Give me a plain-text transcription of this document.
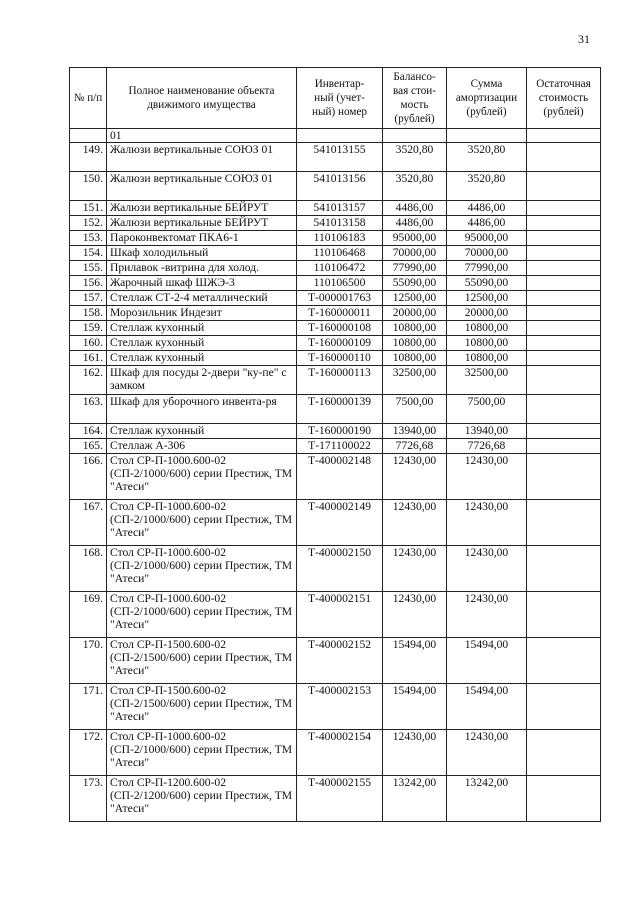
31
№ п/п	Полное наименование объекта движимого имущества	Инвентар-
ный (учет-
ный) номер	Балансо-
вая стои-
мость
(рублей)	Сумма
амортизации
(рублей)	Остаточная
стоимость
(рублей)
	01				
149.	Жалюзи вертикальные СОЮЗ 01	541013155	3520,80	3520,80	
150.	Жалюзи вертикальные СОЮЗ 01	541013156	3520,80	3520,80	
151.	Жалюзи вертикальные БЕЙРУТ	541013157	4486,00	4486,00	
152.	Жалюзи вертикальные БЕЙРУТ	541013158	4486,00	4486,00	
153.	Пароконвектомат ПКА6-1	110106183	95000,00	95000,00	
154.	Шкаф холодильный	110106468	70000,00	70000,00	
155.	Прилавок -витрина для холод.	110106472	77990,00	77990,00	
156.	Жарочный шкаф ШЖЭ-3	110106500	55090,00	55090,00	
157.	Стеллаж СТ-2-4 металлический	Т-000001763	12500,00	12500,00	
158.	Морозильник Индезит	Т-160000011	20000,00	20000,00	
159.	Стеллаж кухонный	Т-160000108	10800,00	10800,00	
160.	Стеллаж кухонный	Т-160000109	10800,00	10800,00	
161.	Стеллаж кухонный	Т-160000110	10800,00	10800,00	
162.	Шкаф для посуды 2-двери "ку-пе" с замком	Т-160000113	32500,00	32500,00	
163.	Шкаф для уборочного инвента-ря	Т-160000139	7500,00	7500,00	
164.	Стеллаж кухонный	Т-160000190	13940,00	13940,00	
165.	Стеллаж А-306	Т-171100022	7726,68	7726,68	
166.	Стол СР-П-1000.600-02 (СП-2/1000/600) серии Престиж, ТМ "Атеси"	Т-400002148	12430,00	12430,00	
167.	Стол СР-П-1000.600-02 (СП-2/1000/600) серии Престиж, ТМ "Атеси"	Т-400002149	12430,00	12430,00	
168.	Стол СР-П-1000.600-02 (СП-2/1000/600) серии Престиж, ТМ "Атеси"	Т-400002150	12430,00	12430,00	
169.	Стол СР-П-1000.600-02 (СП-2/1000/600) серии Престиж, ТМ "Атеси"	Т-400002151	12430,00	12430,00	
170.	Стол СР-П-1500.600-02 (СП-2/1500/600) серии Престиж, ТМ "Атеси"	Т-400002152	15494,00	15494,00	
171.	Стол СР-П-1500.600-02 (СП-2/1500/600) серии Престиж, ТМ "Атеси"	Т-400002153	15494,00	15494,00	
172.	Стол СР-П-1000.600-02 (СП-2/1000/600) серии Престиж, ТМ "Атеси"	Т-400002154	12430,00	12430,00	
173.	Стол СР-П-1200.600-02 (СП-2/1200/600) серии Престиж, ТМ "Атеси"	Т-400002155	13242,00	13242,00	
